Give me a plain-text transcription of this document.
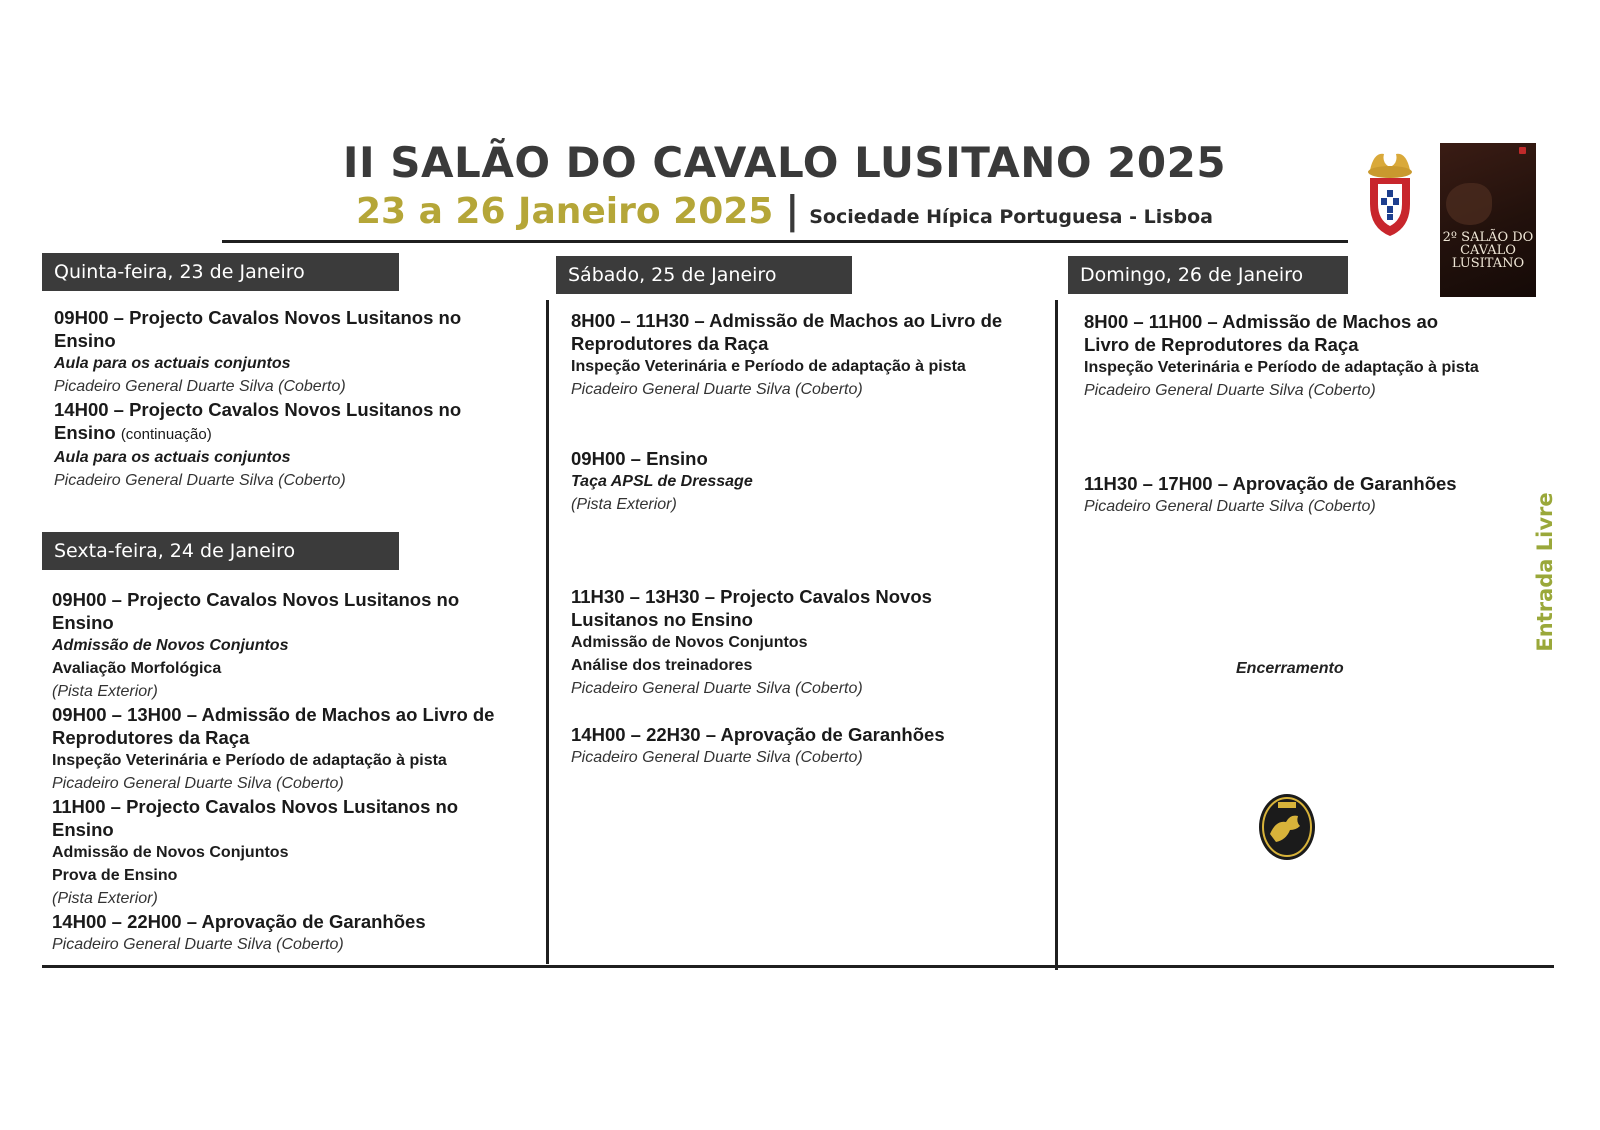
II SALÃO DO CAVALO LUSITANO 2025
23 a 26 Janeiro 2025 | Sociedade Hípica Portuguesa - Lisboa
2º SALÃO DO CAVALO LUSITANO
Quinta-feira, 23 de Janeiro
Sexta-feira, 24 de Janeiro
Sábado, 25 de Janeiro	Domingo, 26 de Janeiro
09H00 – Projecto Cavalos Novos Lusitanos no
Ensino
Aula para os actuais conjuntos
Picadeiro General Duarte Silva (Coberto)
14H00 – Projecto Cavalos Novos Lusitanos no
Ensino (continuação)
Aula para os actuais conjuntos
Picadeiro General Duarte Silva (Coberto)
09H00 – Projecto Cavalos Novos Lusitanos no
Ensino
Admissão de Novos Conjuntos
Avaliação Morfológica
(Pista Exterior)
09H00 – 13H00 – Admissão de Machos ao Livro de
Reprodutores da Raça
Inspeção Veterinária e Período de adaptação à pista
Picadeiro General Duarte Silva (Coberto)
11H00 – Projecto Cavalos Novos Lusitanos no
Ensino
Admissão de Novos Conjuntos
Prova de Ensino
(Pista Exterior)
14H00 – 22H00 – Aprovação de Garanhões
Picadeiro General Duarte Silva (Coberto)
8H00 – 11H30 – Admissão de Machos ao Livro de
Reprodutores da Raça
Inspeção Veterinária e Período de adaptação à pista
Picadeiro General Duarte Silva (Coberto)
09H00 – Ensino
Taça APSL de Dressage
(Pista Exterior)
11H30 – 13H30 – Projecto Cavalos Novos
Lusitanos no Ensino
Admissão de Novos Conjuntos
Análise dos treinadores
Picadeiro General Duarte Silva (Coberto)
14H00 – 22H30 – Aprovação de Garanhões
Picadeiro General Duarte Silva (Coberto)
8H00 – 11H00 – Admissão de Machos ao
Livro de Reprodutores da Raça
Inspeção Veterinária e Período de adaptação à pista
Picadeiro General Duarte Silva (Coberto)
11H30 – 17H00 – Aprovação de Garanhões
Picadeiro General Duarte Silva (Coberto)
Encerramento
Entrada Livre
